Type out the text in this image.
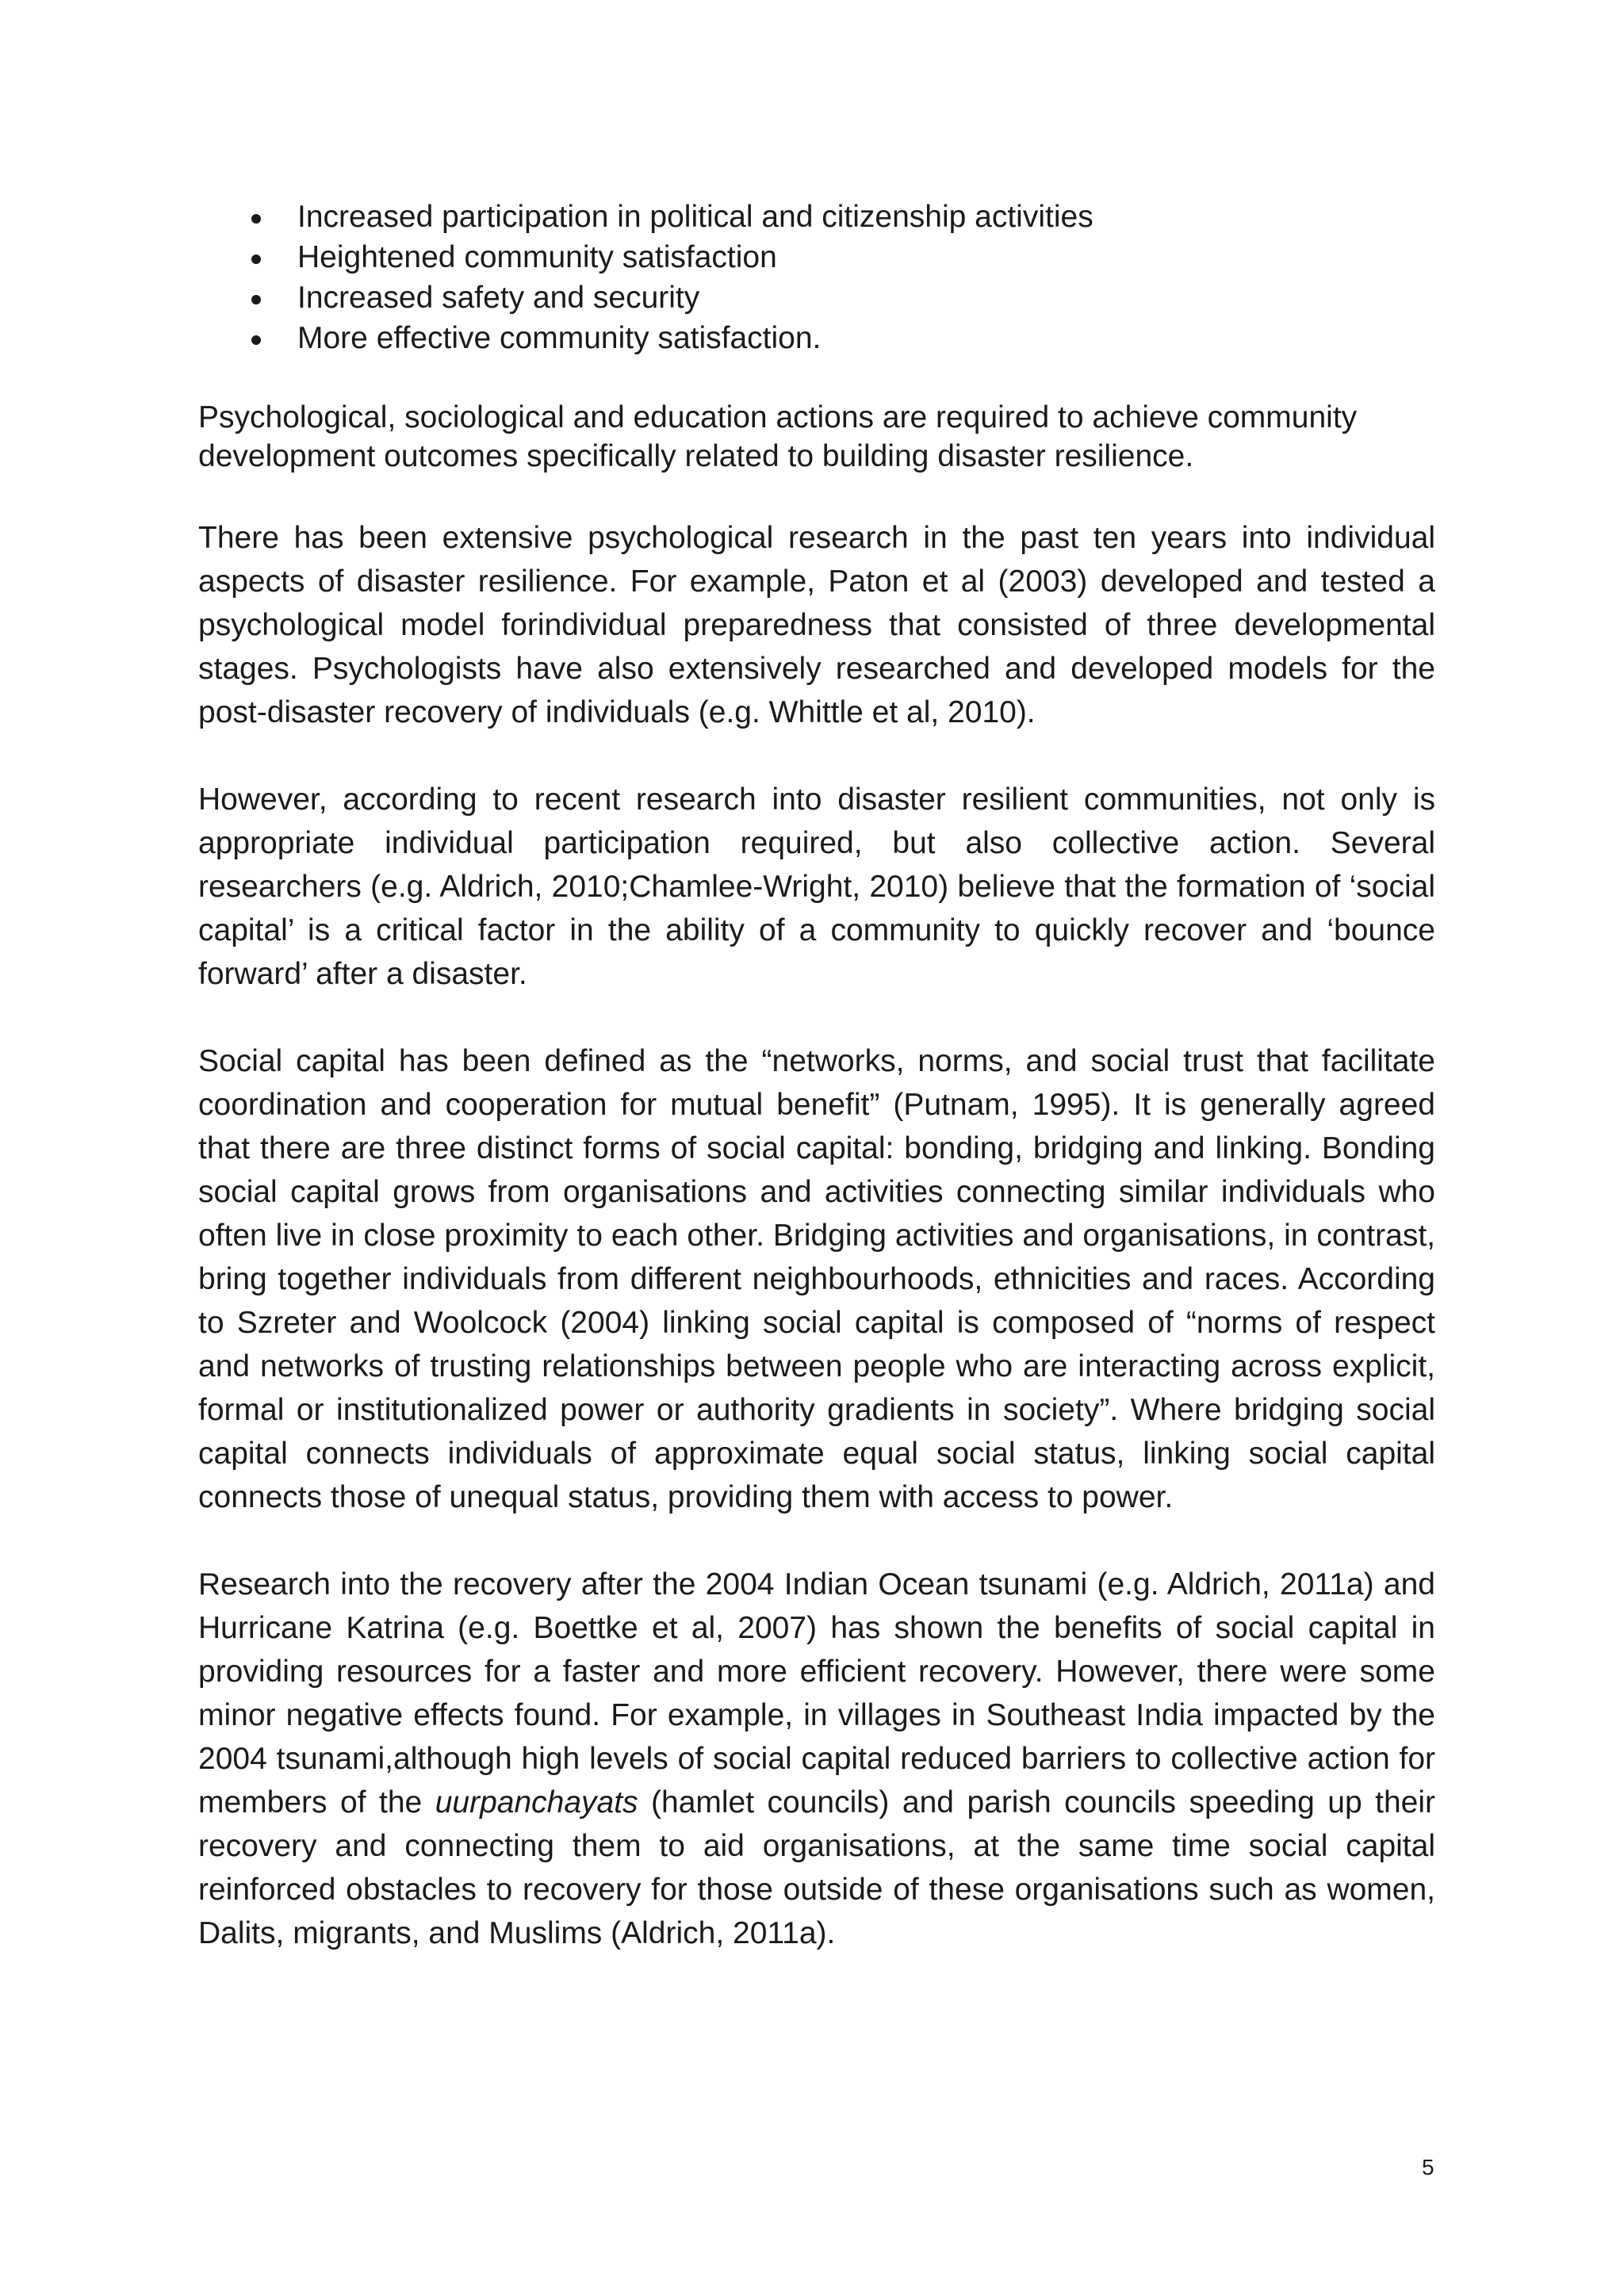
Increased participation in political and citizenship activities
Heightened community satisfaction
Increased safety and security
More effective community satisfaction.

Psychological, sociological and education actions are required to achieve community development outcomes specifically related to building disaster resilience.

There has been extensive psychological research in the past ten years into individual aspects of disaster resilience. For example, Paton et al (2003) developed and tested a psychological model forindividual preparedness that consisted of three developmental stages. Psychologists have also extensively researched and developed models for the post-disaster recovery of individuals (e.g. Whittle et al, 2010).

However, according to recent research into disaster resilient communities, not only is appropriate individual participation required, but also collective action. Several researchers (e.g. Aldrich, 2010;Chamlee-Wright, 2010) believe that the formation of ‘social capital’ is a critical factor in the ability of a community to quickly recover and ‘bounce forward’ after a disaster.

Social capital has been defined as the “networks, norms, and social trust that facilitate coordination and cooperation for mutual benefit” (Putnam, 1995). It is generally agreed that there are three distinct forms of social capital: bonding, bridging and linking. Bonding social capital grows from organisations and activities connecting similar individuals who often live in close proximity to each other. Bridging activities and organisations, in contrast, bring together individuals from different neighbourhoods, ethnicities and races. According to Szreter and Woolcock (2004) linking social capital is composed of “norms of respect and networks of trusting relationships between people who are interacting across explicit, formal or institutionalized power or authority gradients in society”. Where bridging social capital connects individuals of approximate equal social status, linking social capital connects those of unequal status, providing them with access to power.

Research into the recovery after the 2004 Indian Ocean tsunami (e.g. Aldrich, 2011a) and Hurricane Katrina (e.g. Boettke et al, 2007) has shown the benefits of social capital in providing resources for a faster and more efficient recovery. However, there were some minor negative effects found. For example, in villages in Southeast India impacted by the 2004 tsunami,although high levels of social capital reduced barriers to collective action for members of the uurpanchayats (hamlet councils) and parish councils speeding up their recovery and connecting them to aid organisations, at the same time social capital reinforced obstacles to recovery for those outside of these organisations such as women, Dalits, migrants, and Muslims (Aldrich, 2011a).

5
